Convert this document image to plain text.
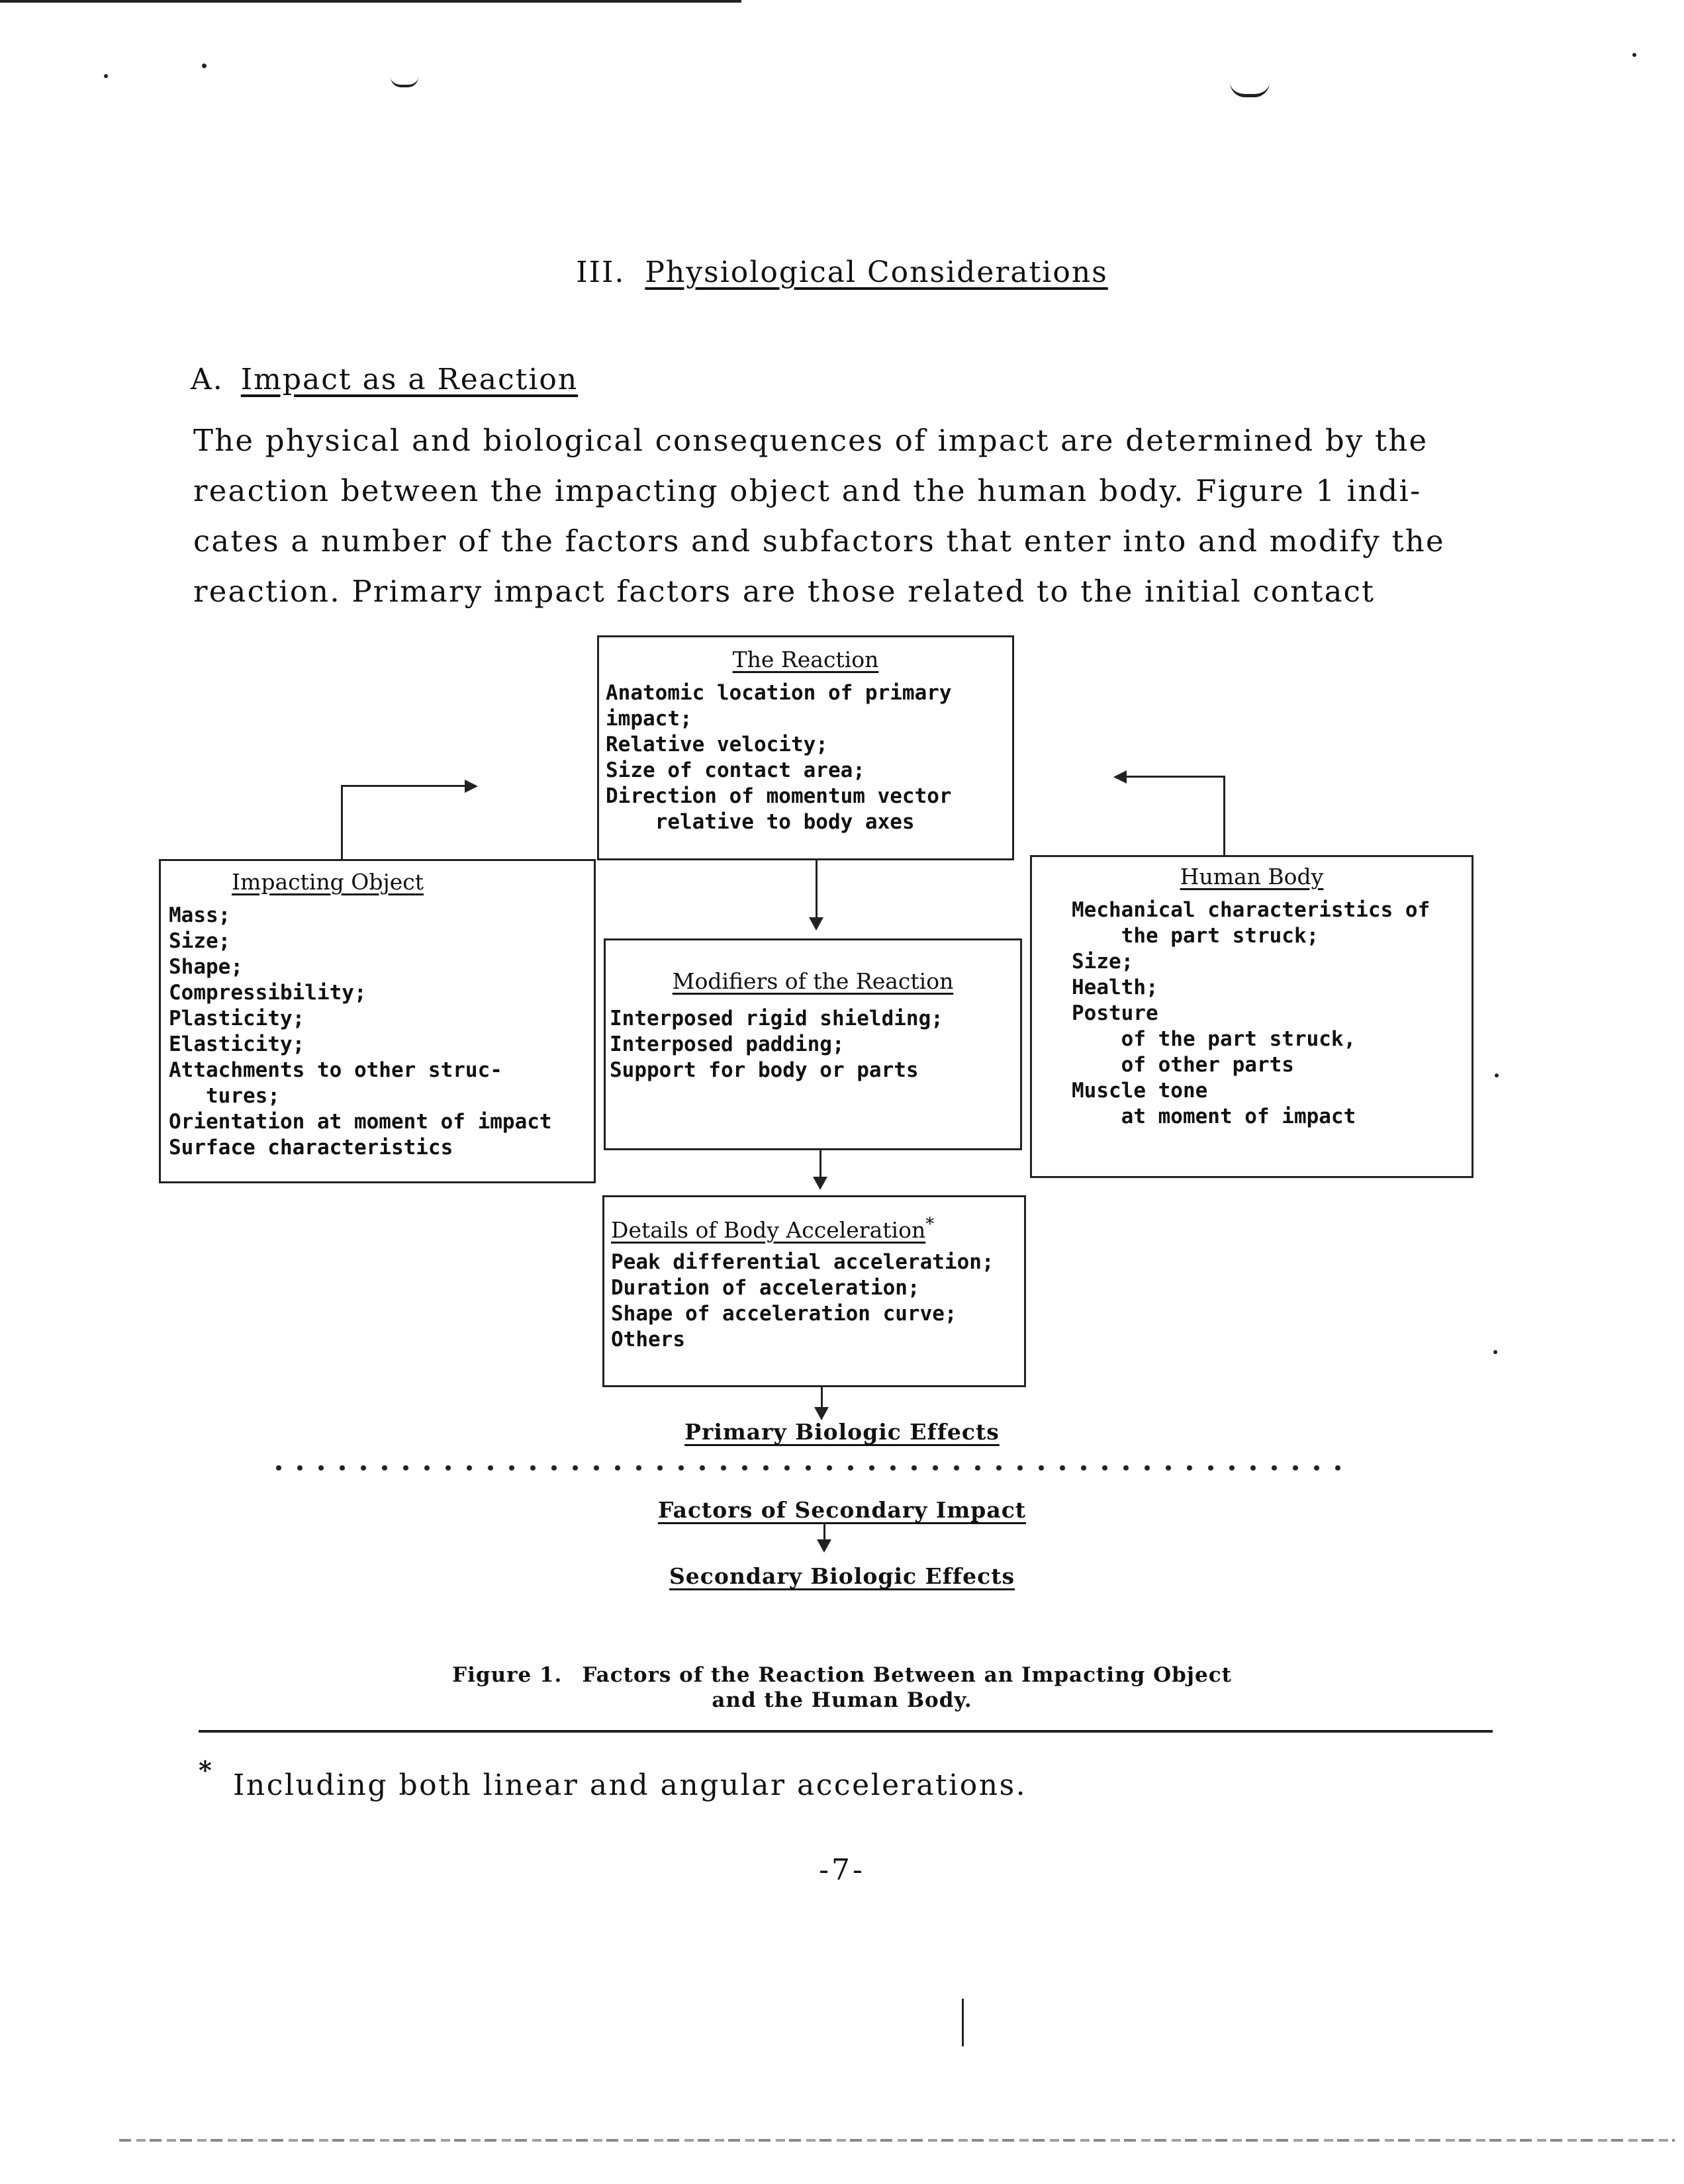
III. Physiological Considerations
A. Impact as a Reaction
The physical and biological consequences of impact are determined by the
reaction between the impacting object and the human body. Figure 1 indi-
cates a number of the factors and subfactors that enter into and modify the
reaction. Primary impact factors are those related to the initial contact
The Reaction
Anatomic location of primary
impact;
Relative velocity;
Size of contact area;
Direction of momentum vector
relative to body axes
Impacting Object
Mass;
Size;
Shape;
Compressibility;
Plasticity;
Elasticity;
Attachments to other struc-
tures;
Orientation at moment of impact
Surface characteristics
Human Body
Mechanical characteristics of
the part struck;
Size;
Health;
Posture
of the part struck,
of other parts
Muscle tone
at moment of impact
Modifiers of the Reaction
Interposed rigid shielding;
Interposed padding;
Support for body or parts
Details of Body Acceleration*
Peak differential acceleration;
Duration of acceleration;
Shape of acceleration curve;
Others
Primary Biologic Effects
Factors of Secondary Impact
Secondary Biologic Effects
Figure 1. Factors of the Reaction Between an Impacting Object
and the Human Body.
* Including both linear and angular accelerations.
-7-
